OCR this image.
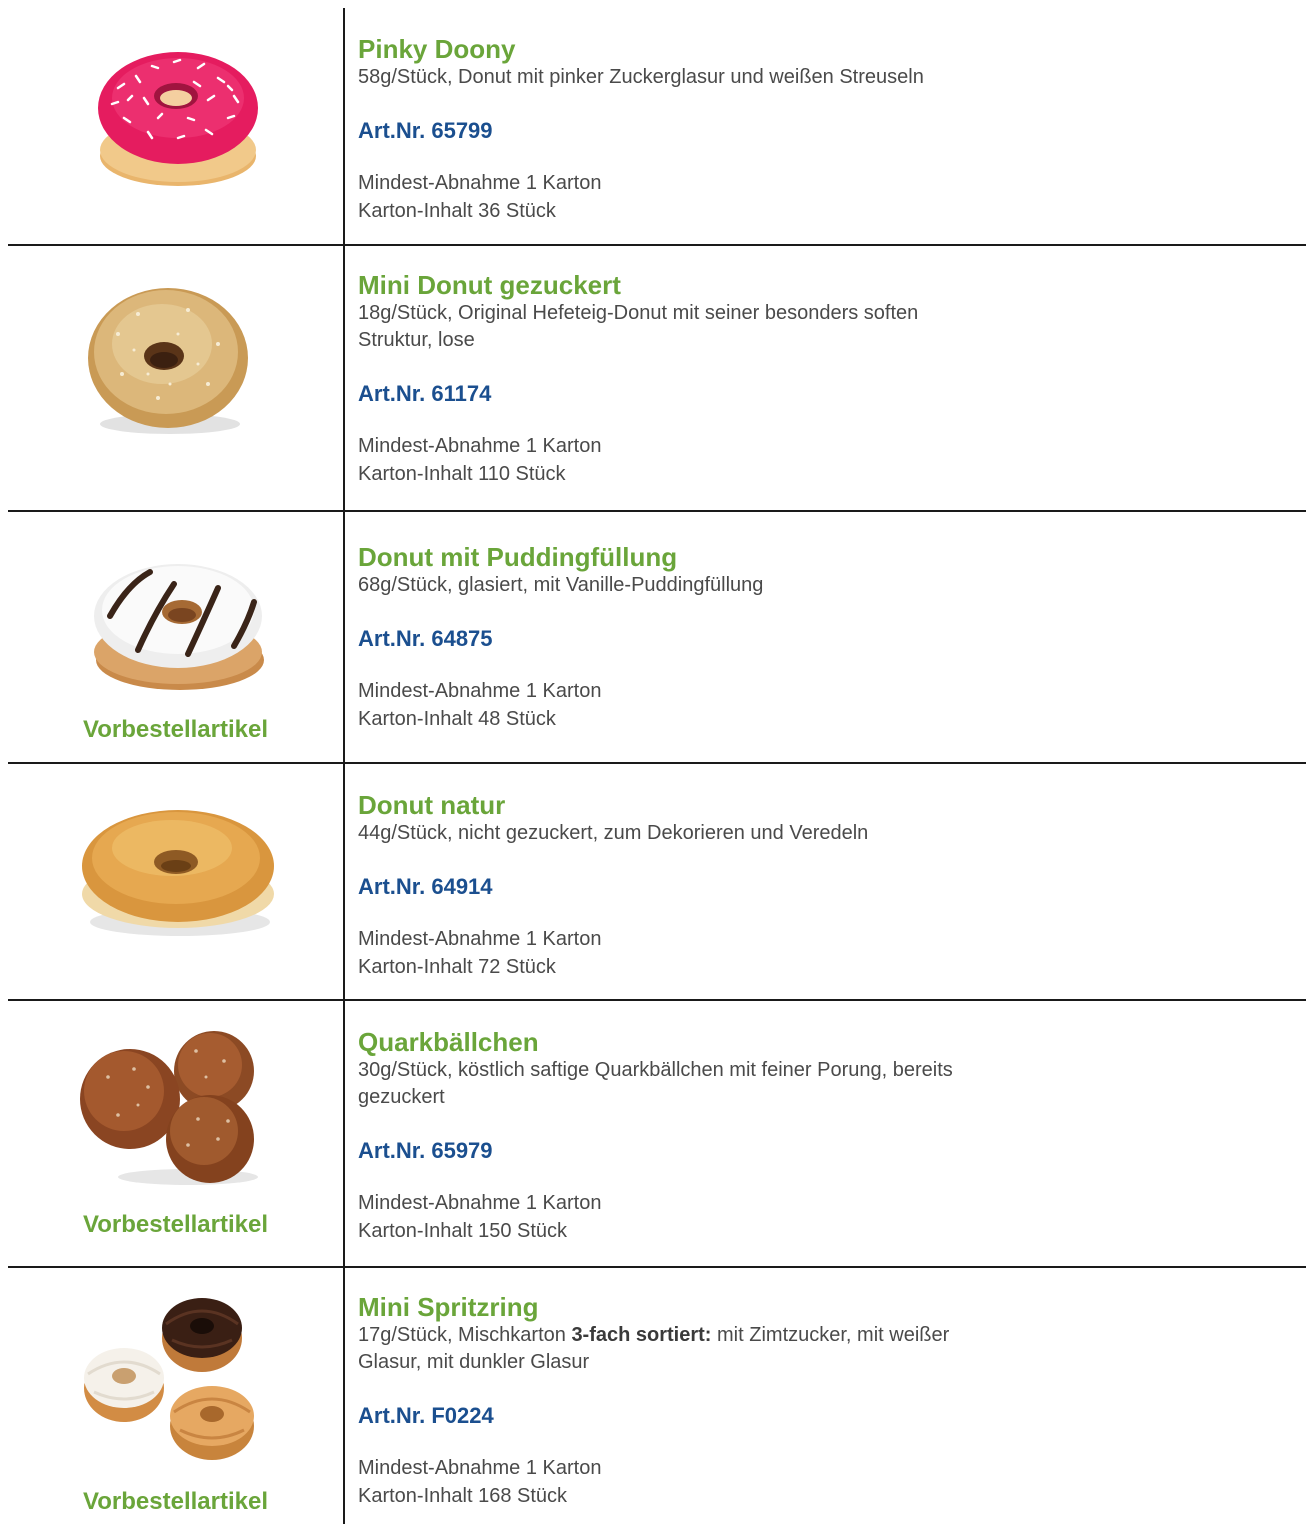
Pinky Doony

58g/Stück, Donut mit pinker Zuckerglasur und weißen Streuseln

Art.Nr. 65799

Mindest-Abnahme 1 Karton

Karton-Inhalt 36 Stück

Mini Donut gezuckert

18g/Stück, Original Hefeteig-Donut mit seiner besonders soften

Struktur, lose

Art.Nr. 61174

Mindest-Abnahme 1 Karton

Karton-Inhalt 110 Stück

Vorbestellartikel

Donut mit Puddingfüllung

68g/Stück, glasiert, mit Vanille-Puddingfüllung

Art.Nr. 64875

Mindest-Abnahme 1 Karton

Karton-Inhalt 48 Stück

Donut natur

44g/Stück, nicht gezuckert, zum Dekorieren und Veredeln

Art.Nr. 64914

Mindest-Abnahme 1 Karton

Karton-Inhalt 72 Stück

Vorbestellartikel

Quarkbällchen

30g/Stück, köstlich saftige Quarkbällchen mit feiner Porung, bereits

gezuckert

Art.Nr. 65979

Mindest-Abnahme 1 Karton

Karton-Inhalt 150 Stück

Vorbestellartikel

Mini Spritzring

17g/Stück, Mischkarton 3-fach sortiert: mit Zimtzucker, mit weißer

Glasur, mit dunkler Glasur

Art.Nr. F0224

Mindest-Abnahme 1 Karton

Karton-Inhalt 168 Stück
